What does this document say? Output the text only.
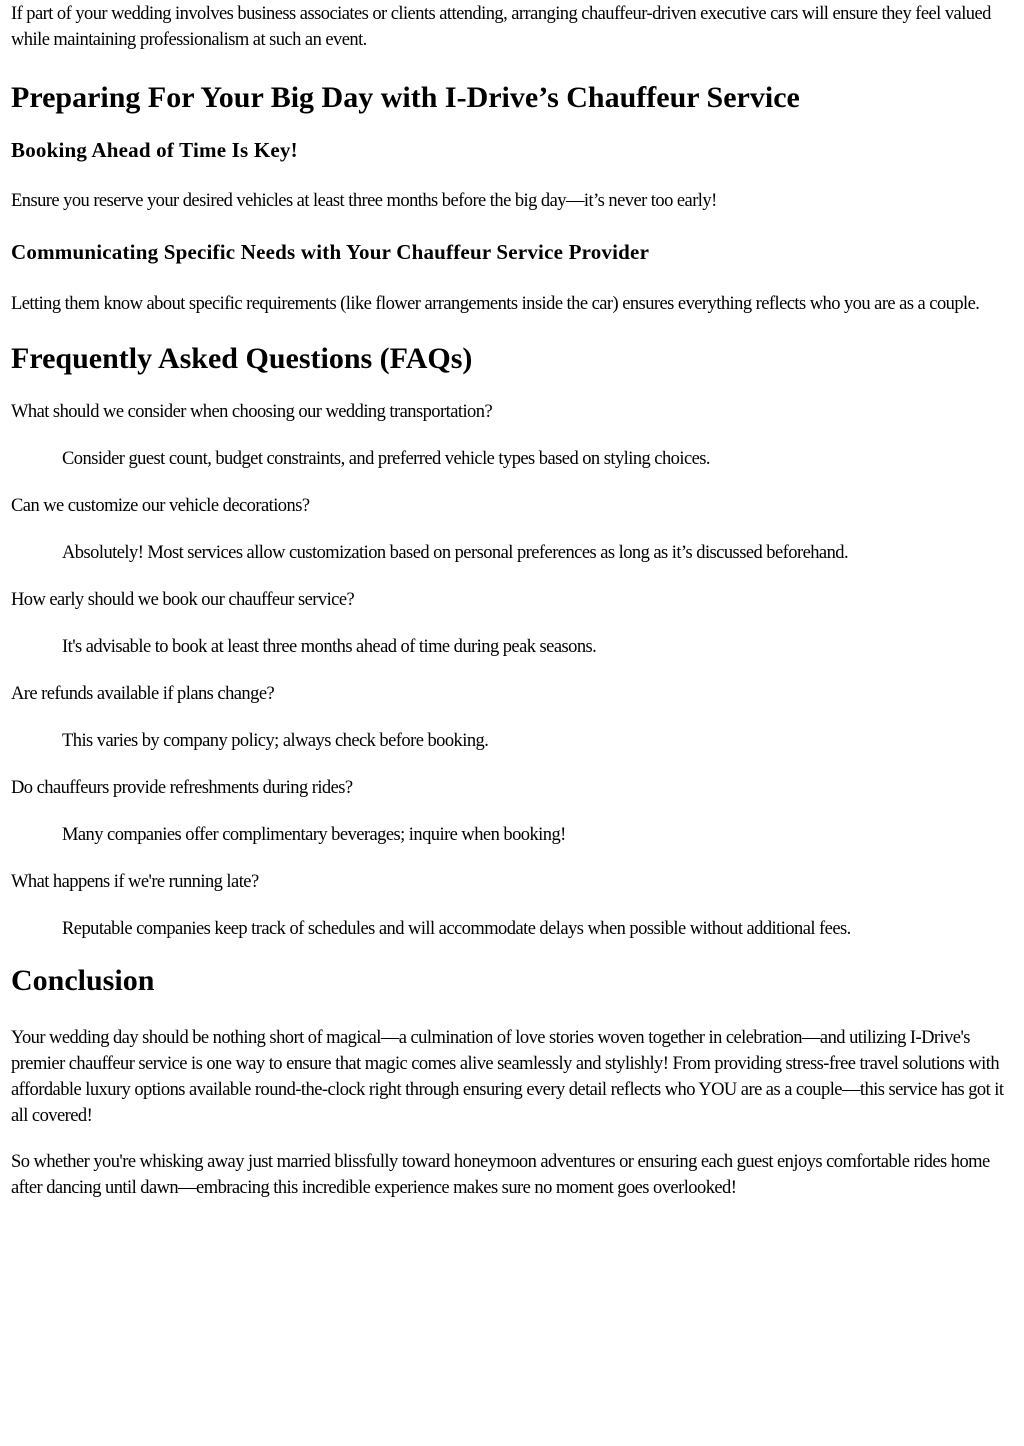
If part of your wedding involves business associates or clients attending, arranging chauffeur-driven executive cars will ensure they feel valued while maintaining professionalism at such an event.

Preparing For Your Big Day with I-Drive’s Chauffeur Service
Booking Ahead of Time Is Key!

Ensure you reserve your desired vehicles at least three months before the big day—it’s never too early!

Communicating Specific Needs with Your Chauffeur Service Provider

Letting them know about specific requirements (like flower arrangements inside the car) ensures everything reflects who you are as a couple.

Frequently Asked Questions (FAQs)

What should we consider when choosing our wedding transportation?

Consider guest count, budget constraints, and preferred vehicle types based on styling choices.

Can we customize our vehicle decorations?

Absolutely! Most services allow customization based on personal preferences as long as it’s discussed beforehand.

How early should we book our chauffeur service?

It's advisable to book at least three months ahead of time during peak seasons.

Are refunds available if plans change?

This varies by company policy; always check before booking.

Do chauffeurs provide refreshments during rides?

Many companies offer complimentary beverages; inquire when booking!

What happens if we're running late?

Reputable companies keep track of schedules and will accommodate delays when possible without additional fees.

Conclusion

Your wedding day should be nothing short of magical—a culmination of love stories woven together in celebration—and utilizing I-Drive's premier chauffeur service is one way to ensure that magic comes alive seamlessly and stylishly! From providing stress-free travel solutions with affordable luxury options available round-the-clock right through ensuring every detail reflects who YOU are as a couple—this service has got it all covered!

So whether you're whisking away just married blissfully toward honeymoon adventures or ensuring each guest enjoys comfortable rides home after dancing until dawn—embracing this incredible experience makes sure no moment goes overlooked!
